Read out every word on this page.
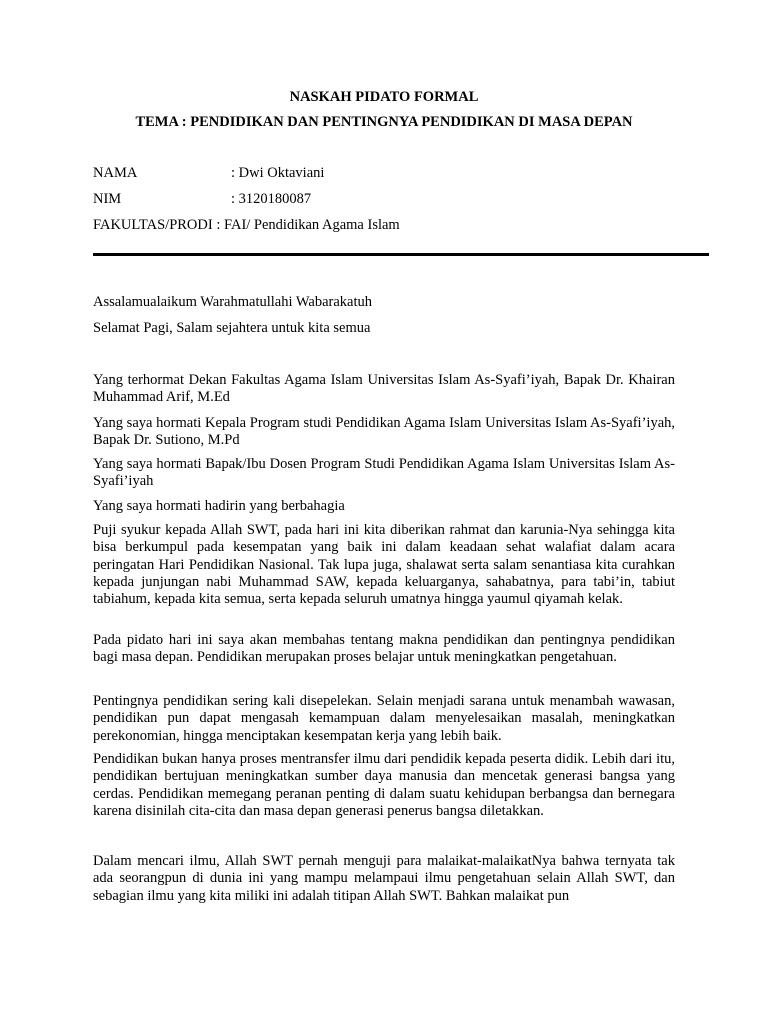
NASKAH PIDATO FORMAL
TEMA : PENDIDIKAN DAN PENTINGNYA PENDIDIKAN DI MASA DEPAN
NAMA	: Dwi Oktaviani
NIM	: 3120180087
FAKULTAS/PRODI : FAI/ Pendidikan Agama Islam
Assalamualaikum Warahmatullahi Wabarakatuh
Selamat Pagi, Salam sejahtera untuk kita semua
Yang terhormat Dekan Fakultas Agama Islam Universitas Islam As-Syafi’iyah, Bapak Dr. Khairan Muhammad Arif, M.Ed
Yang saya hormati Kepala Program studi Pendidikan Agama Islam Universitas Islam As-Syafi’iyah, Bapak Dr. Sutiono, M.Pd
Yang saya hormati Bapak/Ibu Dosen Program Studi Pendidikan Agama Islam Universitas Islam As-Syafi’iyah
Yang saya hormati hadirin yang berbahagia
Puji syukur kepada Allah SWT, pada hari ini kita diberikan rahmat dan karunia-Nya sehingga kita bisa berkumpul pada kesempatan yang baik ini dalam keadaan sehat walafiat dalam acara peringatan Hari Pendidikan Nasional. Tak lupa juga, shalawat serta salam senantiasa kita curahkan kepada junjungan nabi Muhammad SAW, kepada keluarganya, sahabatnya, para tabi’in, tabiut tabiahum, kepada kita semua, serta kepada seluruh umatnya hingga yaumul qiyamah kelak.
Pada pidato hari ini saya akan membahas tentang makna pendidikan dan pentingnya pendidikan bagi masa depan. Pendidikan merupakan proses belajar untuk meningkatkan pengetahuan.
Pentingnya pendidikan sering kali disepelekan. Selain menjadi sarana untuk menambah wawasan, pendidikan pun dapat mengasah kemampuan dalam menyelesaikan masalah, meningkatkan perekonomian, hingga menciptakan kesempatan kerja yang lebih baik.
Pendidikan bukan hanya proses mentransfer ilmu dari pendidik kepada peserta didik. Lebih dari itu, pendidikan bertujuan meningkatkan sumber daya manusia dan mencetak generasi bangsa yang cerdas. Pendidikan memegang peranan penting di dalam suatu kehidupan berbangsa dan bernegara karena disinilah cita-cita dan masa depan generasi penerus bangsa diletakkan.
Dalam mencari ilmu, Allah SWT pernah menguji para malaikat-malaikatNya bahwa ternyata tak ada seorangpun di dunia ini yang mampu melampaui ilmu pengetahuan selain Allah SWT, dan sebagian ilmu yang kita miliki ini adalah titipan Allah SWT. Bahkan malaikat pun
